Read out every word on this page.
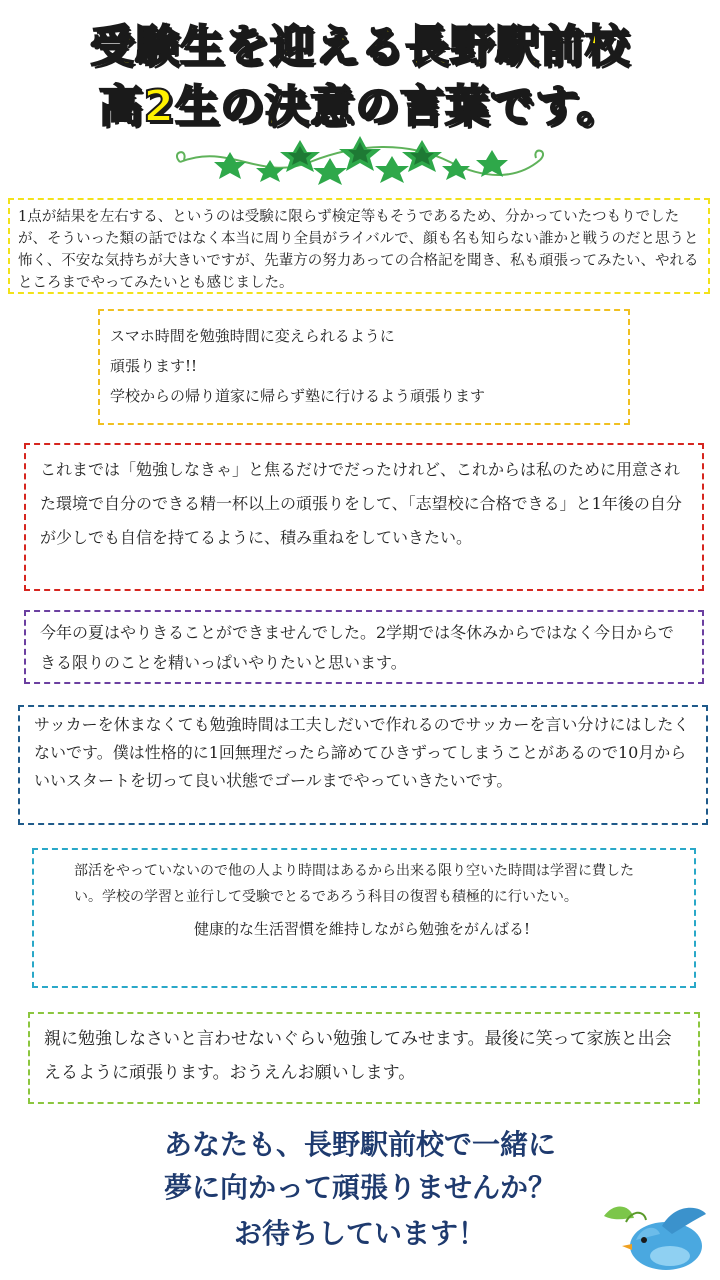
受験生を迎える長野駅前校
高2生の決意の言葉です。

1点が結果を左右する、というのは受験に限らず検定等もそうであるため、分かっていたつもりでしたが、そういった類の話ではなく本当に周り全員がライバルで、顔も名も知らない誰かと戦うのだと思うと怖く、不安な気持ちが大きいですが、先輩方の努力あっての合格記を聞き、私も頑張ってみたい、やれるところまでやってみたいとも感じました。

スマホ時間を勉強時間に変えられるように

頑張ります!!

学校からの帰り道家に帰らず塾に行けるよう頑張ります

これまでは「勉強しなきゃ」と焦るだけでだったけれど、これからは私のために用意された環境で自分のできる精一杯以上の頑張りをして、「志望校に合格できる」と1年後の自分が少しでも自信を持てるように、積み重ねをしていきたい。

今年の夏はやりきることができませんでした。2学期では冬休みからではなく今日からできる限りのことを精いっぱいやりたいと思います。

サッカーを休まなくても勉強時間は工夫しだいで作れるのでサッカーを言い分けにはしたくないです。僕は性格的に1回無理だったら諦めてひきずってしまうことがあるので10月からいいスタートを切って良い状態でゴールまでやっていきたいです。

部活をやっていないので他の人より時間はあるから出来る限り空いた時間は学習に費したい。学校の学習と並行して受験でとるであろう科目の復習も積極的に行いたい。

健康的な生活習慣を維持しながら勉強をがんばる!

親に勉強しなさいと言わせないぐらい勉強してみせます。最後に笑って家族と出会えるように頑張ります。おうえんお願いします。

あなたも、長野駅前校で一緒に
夢に向かって頑張りませんか？
お待ちしています！
